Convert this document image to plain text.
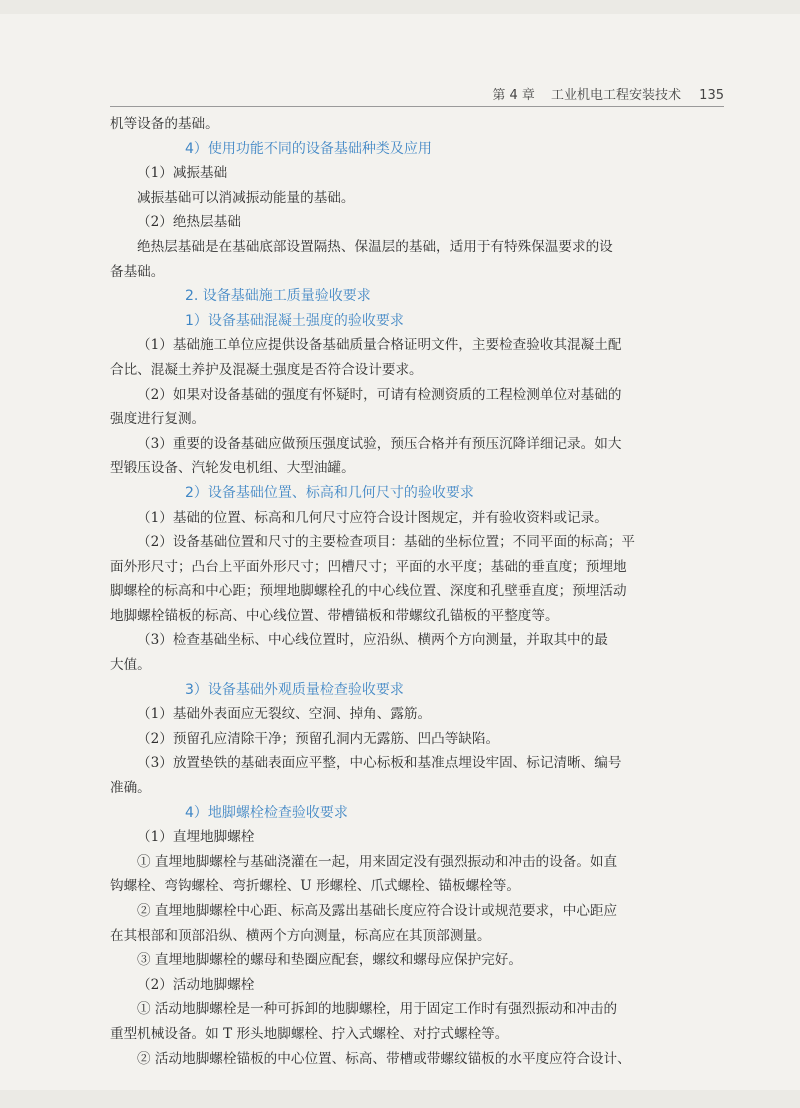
第 4 章 工业机电工程安装技术 135
机等设备的基础。
4）使用功能不同的设备基础种类及应用
（1）减振基础
减振基础可以消减振动能量的基础。
（2）绝热层基础
绝热层基础是在基础底部设置隔热、保温层的基础，适用于有特殊保温要求的设
备基础。
2. 设备基础施工质量验收要求
1）设备基础混凝土强度的验收要求
（1）基础施工单位应提供设备基础质量合格证明文件，主要检查验收其混凝土配
合比、混凝土养护及混凝土强度是否符合设计要求。
（2）如果对设备基础的强度有怀疑时，可请有检测资质的工程检测单位对基础的
强度进行复测。
（3）重要的设备基础应做预压强度试验，预压合格并有预压沉降详细记录。如大
型锻压设备、汽轮发电机组、大型油罐。
2）设备基础位置、标高和几何尺寸的验收要求
（1）基础的位置、标高和几何尺寸应符合设计图规定，并有验收资料或记录。
（2）设备基础位置和尺寸的主要检查项目：基础的坐标位置；不同平面的标高；平
面外形尺寸；凸台上平面外形尺寸；凹槽尺寸；平面的水平度；基础的垂直度；预埋地
脚螺栓的标高和中心距；预埋地脚螺栓孔的中心线位置、深度和孔壁垂直度；预埋活动
地脚螺栓锚板的标高、中心线位置、带槽锚板和带螺纹孔锚板的平整度等。
（3）检查基础坐标、中心线位置时，应沿纵、横两个方向测量，并取其中的最
大值。
3）设备基础外观质量检查验收要求
（1）基础外表面应无裂纹、空洞、掉角、露筋。
（2）预留孔应清除干净；预留孔洞内无露筋、凹凸等缺陷。
（3）放置垫铁的基础表面应平整，中心标板和基准点埋设牢固、标记清晰、编号
准确。
4）地脚螺栓检查验收要求
（1）直埋地脚螺栓
① 直埋地脚螺栓与基础浇灌在一起，用来固定没有强烈振动和冲击的设备。如直
钩螺栓、弯钩螺栓、弯折螺栓、U 形螺栓、爪式螺栓、锚板螺栓等。
② 直埋地脚螺栓中心距、标高及露出基础长度应符合设计或规范要求，中心距应
在其根部和顶部沿纵、横两个方向测量，标高应在其顶部测量。
③ 直埋地脚螺栓的螺母和垫圈应配套，螺纹和螺母应保护完好。
（2）活动地脚螺栓
① 活动地脚螺栓是一种可拆卸的地脚螺栓，用于固定工作时有强烈振动和冲击的
重型机械设备。如 T 形头地脚螺栓、拧入式螺栓、对拧式螺栓等。
② 活动地脚螺栓锚板的中心位置、标高、带槽或带螺纹锚板的水平度应符合设计、
